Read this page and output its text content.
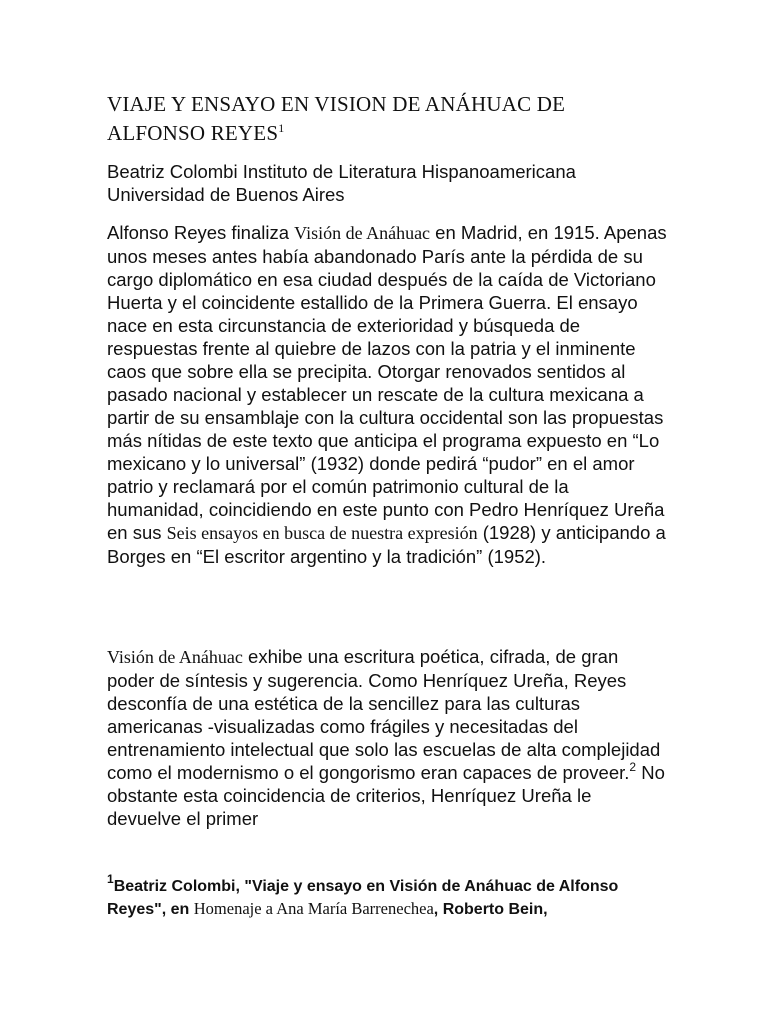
VIAJE Y ENSAYO EN VISION DE ANÁHUAC DE ALFONSO REYES$^1$
Beatriz Colombi Instituto de Literatura Hispanoamericana Universidad de Buenos Aires
Alfonso Reyes finaliza Visión de Anáhuac en Madrid, en 1915. Apenas unos meses antes había abandonado París ante la pérdida de su cargo diplomático en esa ciudad después de la caída de Victoriano Huerta y el coincidente estallido de la Primera Guerra. El ensayo nace en esta circunstancia de exterioridad y búsqueda de respuestas frente al quiebre de lazos con la patria y el inminente caos que sobre ella se precipita. Otorgar renovados sentidos al pasado nacional y establecer un rescate de la cultura mexicana a partir de su ensamblaje con la cultura occidental son las propuestas más nítidas de este texto que anticipa el programa expuesto en “Lo mexicano y lo universal” (1932) donde pedirá “pudor” en el amor patrio y reclamará por el común patrimonio cultural de la humanidad, coincidiendo en este punto con Pedro Henríquez Ureña en sus Seis ensayos en busca de nuestra expresión (1928) y anticipando a Borges en “El escritor argentino y la tradición” (1952).
Visión de Anáhuac exhibe una escritura poética, cifrada, de gran poder de síntesis y sugerencia. Como Henríquez Ureña, Reyes desconfía de una estética de la sencillez para las culturas americanas -visualizadas como frágiles y necesitadas del entrenamiento intelectual que solo las escuelas de alta complejidad como el modernismo o el gongorismo eran capaces de proveer.$^2$ No obstante esta coincidencia de criterios, Henríquez Ureña le devuelve el primer
$^1$Beatriz Colombi, "Viaje y ensayo en Visión de Anáhuac de Alfonso Reyes", en Homenaje a Ana María Barrenechea, Roberto Bein,
